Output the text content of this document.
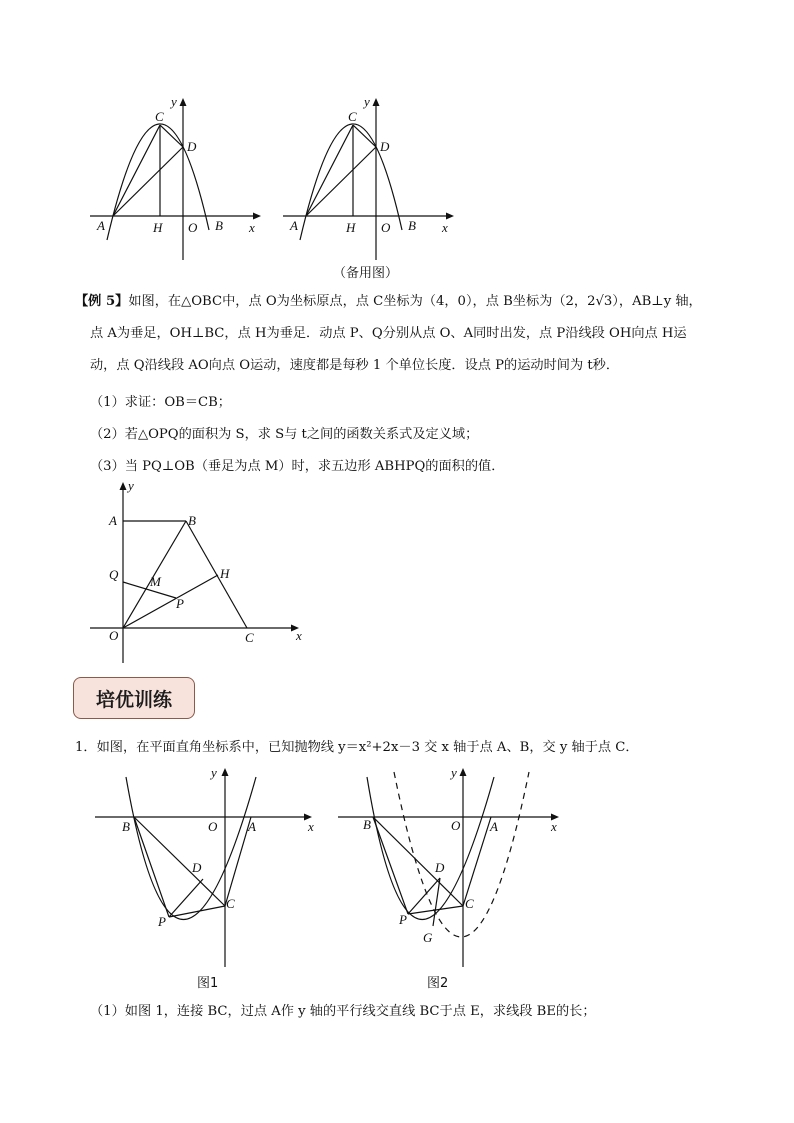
y
C
D
A	H O B x
y
C
D
A	H O B x
（备用图）

【例 5】如图，在△OBC中，点 O为坐标原点，点 C坐标为（4，0），点 B坐标为（2，2√3），AB⊥y 轴，

点 A为垂足，OH⊥BC，点 H为垂足．动点 P、Q分别从点 O、A同时出发，点 P沿线段 OH向点 H运

动，点 Q沿线段 AO向点 O运动，速度都是每秒 1 个单位长度．设点 P的运动时间为 t秒．

（1）求证：OB＝CB；

（2）若△OPQ的面积为 S，求 S与 t之间的函数关系式及定义域；

（3）当 PQ⊥OB（垂足为点 M）时，求五边形 ABHPQ的面积的值．

y
A	B
Q M
H
P
O	C	x
培优训练

1．如图，在平面直角坐标系中，已知抛物线 y＝x²+2x－3 交 x 轴于点 A、B，交 y 轴于点 C．

y
B	O A	x
D
C
P
图1
y
B	O A	x
D
C
P
G
图2

（1）如图 1，连接 BC，过点 A作 y 轴的平行线交直线 BC于点 E，求线段 BE的长；
